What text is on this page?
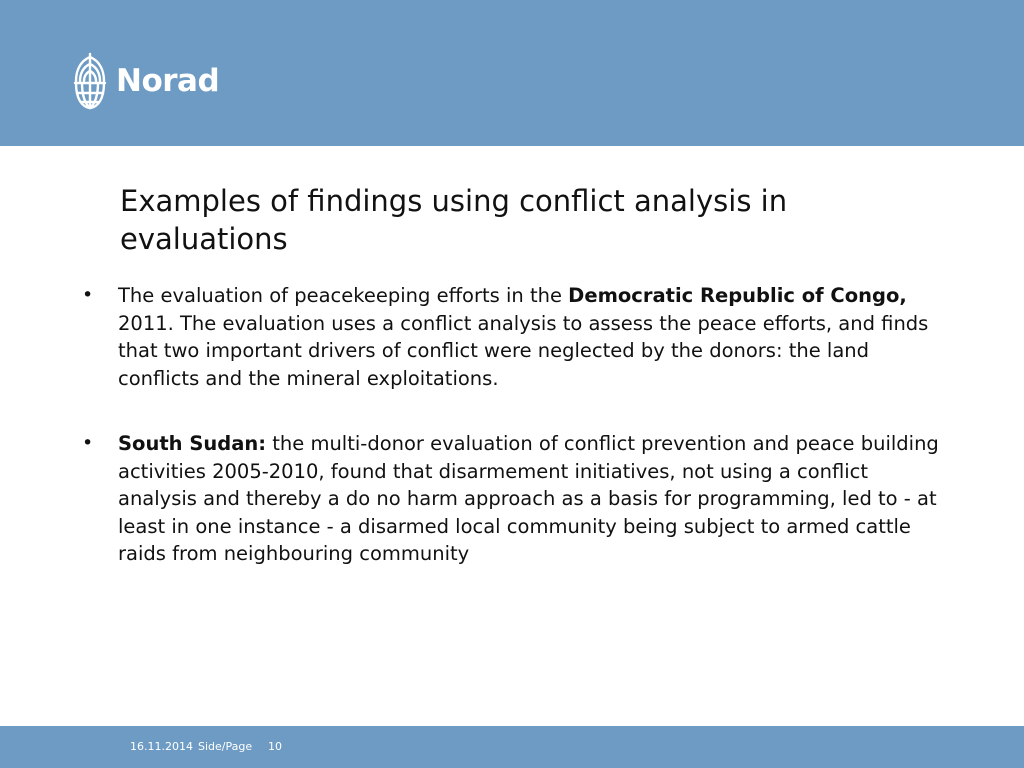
Norad
Examples of findings using conflict analysis in evaluations
•	The evaluation of peacekeeping efforts in the Democratic Republic of Congo, 2011. The evaluation uses a conflict analysis to assess the peace efforts, and finds that two important drivers of conflict were neglected by the donors: the land conflicts and the mineral exploitations.
•	South Sudan: the multi-donor evaluation of conflict prevention and peace building activities 2005-2010, found that disarmement initiatives, not using a conflict analysis and thereby a do no harm approach as a basis for programming, led to - at least in one instance - a disarmed local community being subject to armed cattle raids from neighbouring community
16.11.2014 Side/Page 10
